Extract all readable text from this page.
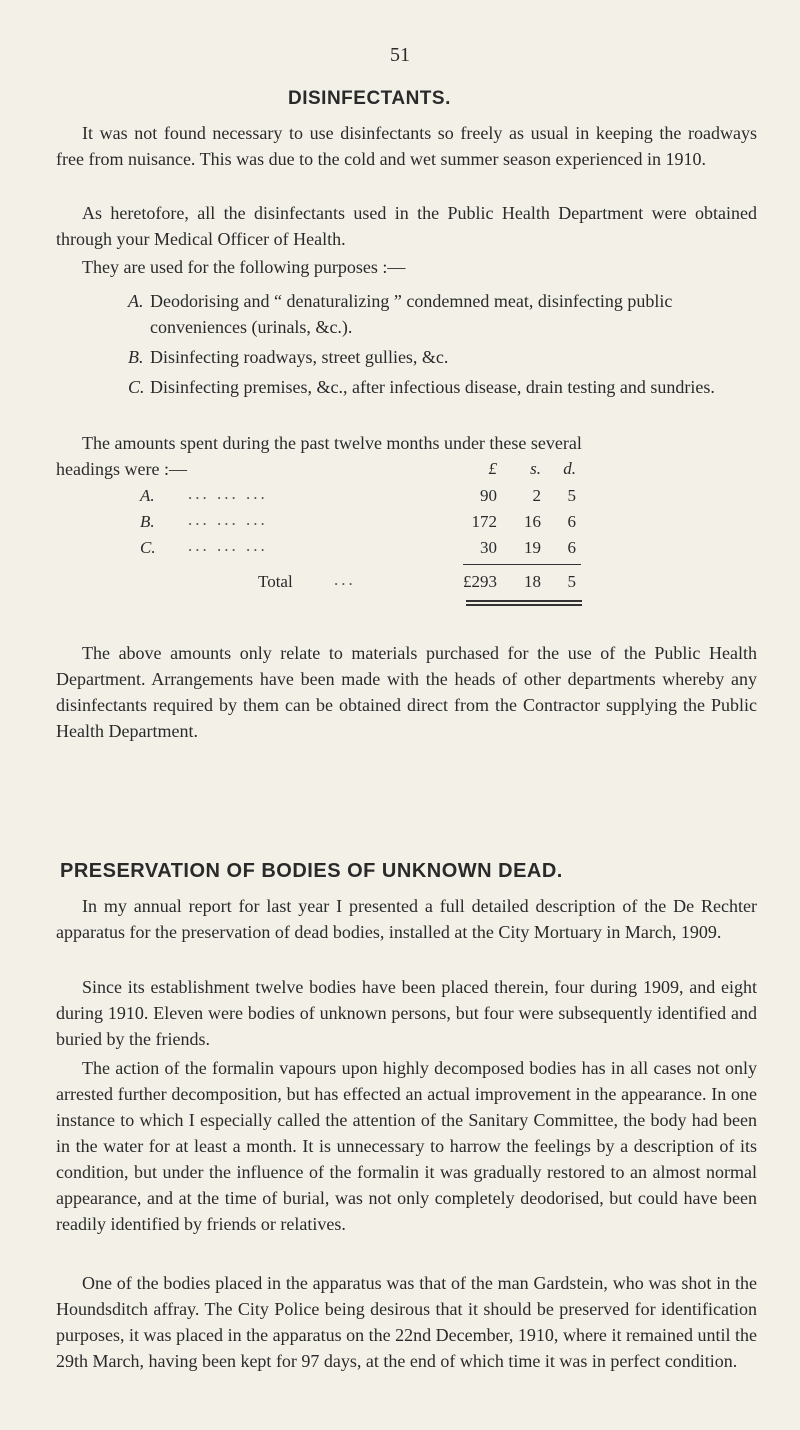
51
DISINFECTANTS.

It was not found necessary to use disinfectants so freely as usual in keeping the roadways free from nuisance. This was due to the cold and wet summer season experienced in 1910.

As heretofore, all the disinfectants used in the Public Health Department were obtained through your Medical Officer of Health.

They are used for the following purposes :—

A. Deodorising and “ denaturalizing ” condemned meat, disinfecting public conveniences (urinals, &c.).
B. Disinfecting roadways, street gullies, &c.
C. Disinfecting premises, &c., after infectious disease, drain testing and sundries.
The amounts spent during the past twelve months under these several
headings were :—	£	s.	d.
A. ... ... ...	90	2	5
B. ... ... ...	172	16	6
C. ... ... ...	30	19	6
Total ...	£293	18	5

The above amounts only relate to materials purchased for the use of the Public Health Department. Arrangements have been made with the heads of other departments whereby any disinfectants required by them can be obtained direct from the Contractor supplying the Public Health Department.

PRESERVATION OF BODIES OF UNKNOWN DEAD.

In my annual report for last year I presented a full detailed description of the De Rechter apparatus for the preservation of dead bodies, installed at the City Mortuary in March, 1909.

Since its establishment twelve bodies have been placed therein, four during 1909, and eight during 1910. Eleven were bodies of unknown persons, but four were subsequently identified and buried by the friends.

The action of the formalin vapours upon highly decomposed bodies has in all cases not only arrested further decomposition, but has effected an actual improvement in the appearance. In one instance to which I especially called the attention of the Sanitary Committee, the body had been in the water for at least a month. It is unnecessary to harrow the feelings by a description of its condition, but under the influence of the formalin it was gradually restored to an almost normal appearance, and at the time of burial, was not only completely deodorised, but could have been readily identified by friends or relatives.

One of the bodies placed in the apparatus was that of the man Gardstein, who was shot in the Houndsditch affray. The City Police being desirous that it should be preserved for identification purposes, it was placed in the apparatus on the 22nd December, 1910, where it remained until the 29th March, having been kept for 97 days, at the end of which time it was in perfect condition.
